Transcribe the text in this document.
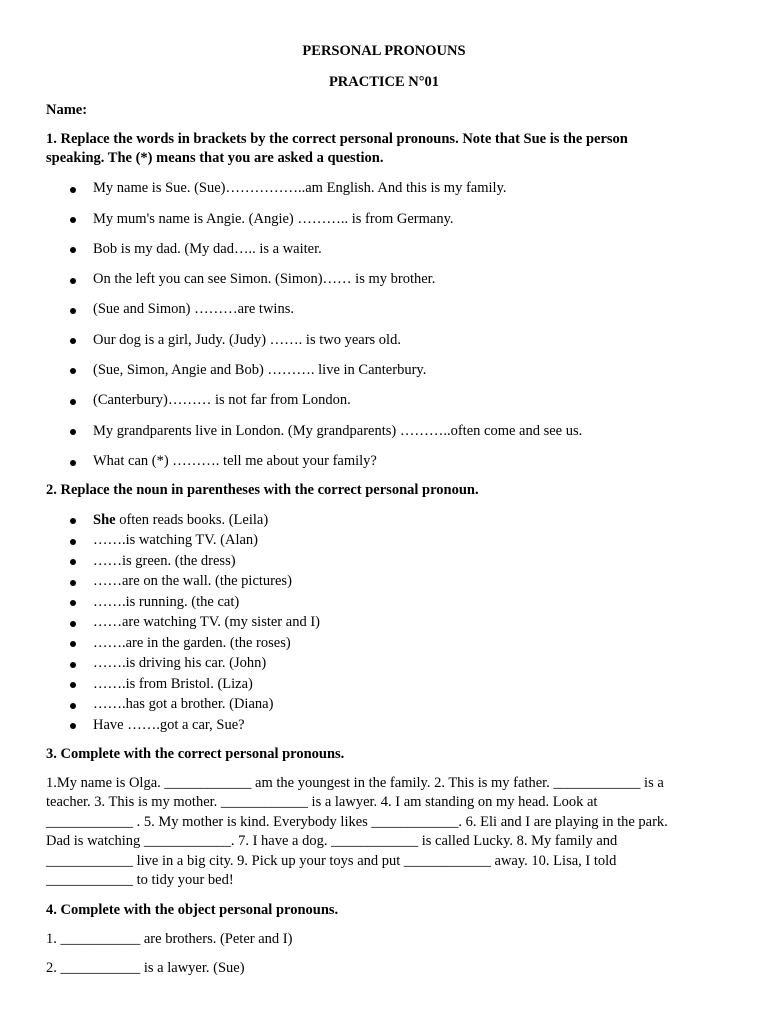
PERSONAL PRONOUNS
PRACTICE N°01
Name:
1. Replace the words in brackets by the correct personal pronouns. Note that Sue is the person
speaking. The (*) means that you are asked a question.
My name is Sue. (Sue)……………..am English. And this is my family.
My mum's name is Angie. (Angie) ……….. is from Germany.
Bob is my dad. (My dad….. is a waiter.
On the left you can see Simon. (Simon)…… is my brother.
(Sue and Simon) ………are twins.
Our dog is a girl, Judy. (Judy) ……. is two years old.
(Sue, Simon, Angie and Bob) ………. live in Canterbury.
(Canterbury)……… is not far from London.
My grandparents live in London. (My grandparents) ………..often come and see us.
What can (*) ………. tell me about your family?
2. Replace the noun in parentheses with the correct personal pronoun.
She often reads books. (Leila)
…….is watching TV. (Alan)
……is green. (the dress)
……are on the wall. (the pictures)
…….is running. (the cat)
……are watching TV. (my sister and I)
…….are in the garden. (the roses)
…….is driving his car. (John)
…….is from Bristol. (Liza)
…….has got a brother. (Diana)
Have …….got a car, Sue?
3. Complete with the correct personal pronouns.
1.My name is Olga. ____________ am the youngest in the family. 2. This is my father. ____________ is a
teacher. 3. This is my mother. ____________ is a lawyer. 4. I am standing on my head. Look at
____________ . 5. My mother is kind. Everybody likes ____________. 6. Eli and I are playing in the park.
Dad is watching ____________. 7. I have a dog. ____________ is called Lucky. 8. My family and
____________ live in a big city. 9. Pick up your toys and put ____________ away. 10. Lisa, I told
____________ to tidy your bed!
4. Complete with the object personal pronouns.
1. ___________ are brothers. (Peter and I)
2. ___________ is a lawyer. (Sue)
